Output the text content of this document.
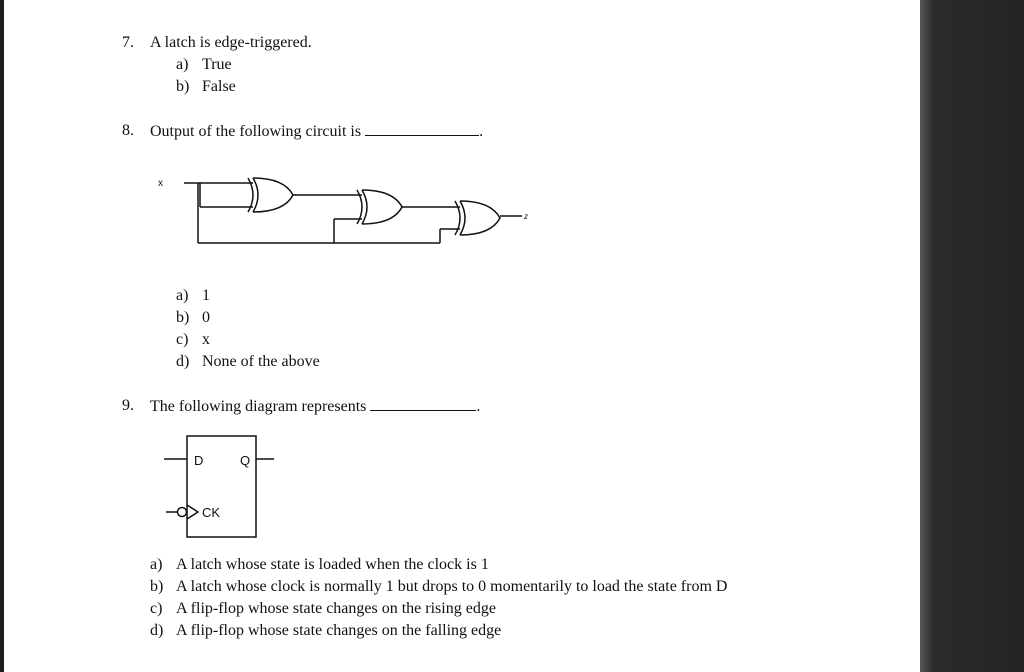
7. A latch is edge-triggered.
a) True
b) False
8. Output of the following circuit is	.
x
z
a) 1
b) 0
c) x
d) None of the above
9. The following diagram represents	.
D	Q
CK
a) A latch whose state is loaded when the clock is 1
b) A latch whose clock is normally 1 but drops to 0 momentarily to load the state from D
c) A flip-flop whose state changes on the rising edge
d) A flip-flop whose state changes on the falling edge
